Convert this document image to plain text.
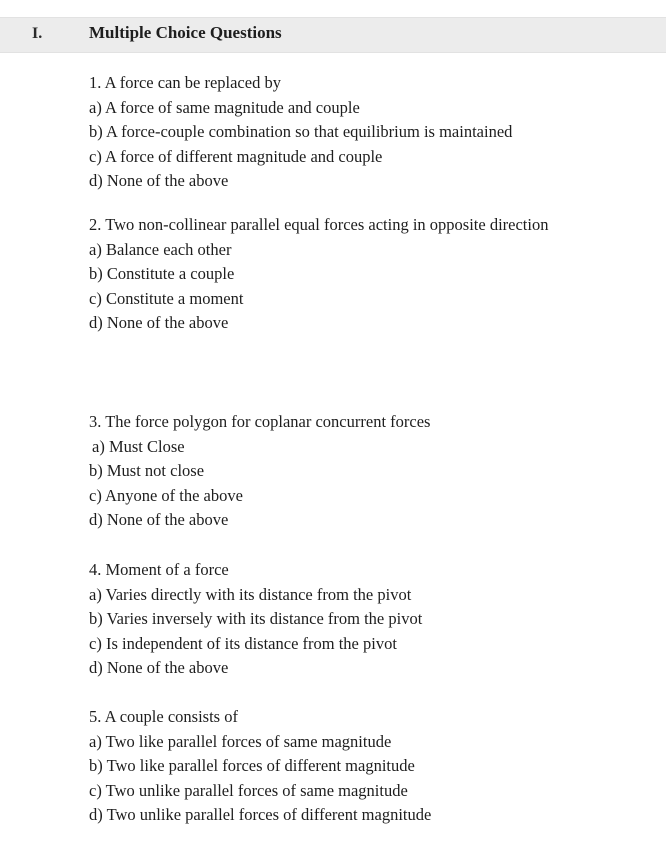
I.	Multiple Choice Questions
1. A force can be replaced by
a) A force of same magnitude and couple
b) A force-couple combination so that equilibrium is maintained
c) A force of different magnitude and couple
d) None of the above
2. Two non-collinear parallel equal forces acting in opposite direction
a) Balance each other
b) Constitute a couple
c) Constitute a moment
d) None of the above
3. The force polygon for coplanar concurrent forces
a) Must Close
b) Must not close
c) Anyone of the above
d) None of the above
4. Moment of a force
a) Varies directly with its distance from the pivot
b) Varies inversely with its distance from the pivot
c) Is independent of its distance from the pivot
d) None of the above
5. A couple consists of
a) Two like parallel forces of same magnitude
b) Two like parallel forces of different magnitude
c) Two unlike parallel forces of same magnitude
d) Two unlike parallel forces of different magnitude
